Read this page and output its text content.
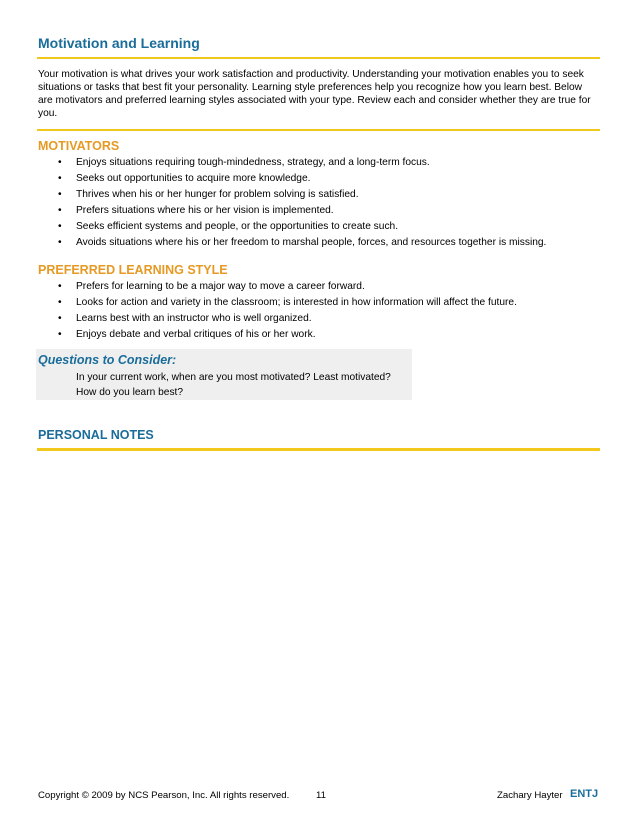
Motivation and Learning

Your motivation is what drives your work satisfaction and productivity. Understanding your motivation enables you to seek situations or tasks that best fit your personality. Learning style preferences help you recognize how you learn best. Below are motivators and preferred learning styles associated with your type. Review each and consider whether they are true for you.

MOTIVATORS
• Enjoys situations requiring tough-mindedness, strategy, and a long-term focus.
• Seeks out opportunities to acquire more knowledge.
• Thrives when his or her hunger for problem solving is satisfied.
• Prefers situations where his or her vision is implemented.
• Seeks efficient systems and people, or the opportunities to create such.
• Avoids situations where his or her freedom to marshal people, forces, and resources together is missing.
PREFERRED LEARNING STYLE
• Prefers for learning to be a major way to move a career forward.
• Looks for action and variety in the classroom; is interested in how information will affect the future.
• Learns best with an instructor who is well organized.
• Enjoys debate and verbal critiques of his or her work.
Questions to Consider:

In your current work, when are you most motivated? Least motivated?

How do you learn best?

PERSONAL NOTES
Copyright © 2009 by NCS Pearson, Inc. All rights reserved.	11	Zachary Hayter ENTJ
